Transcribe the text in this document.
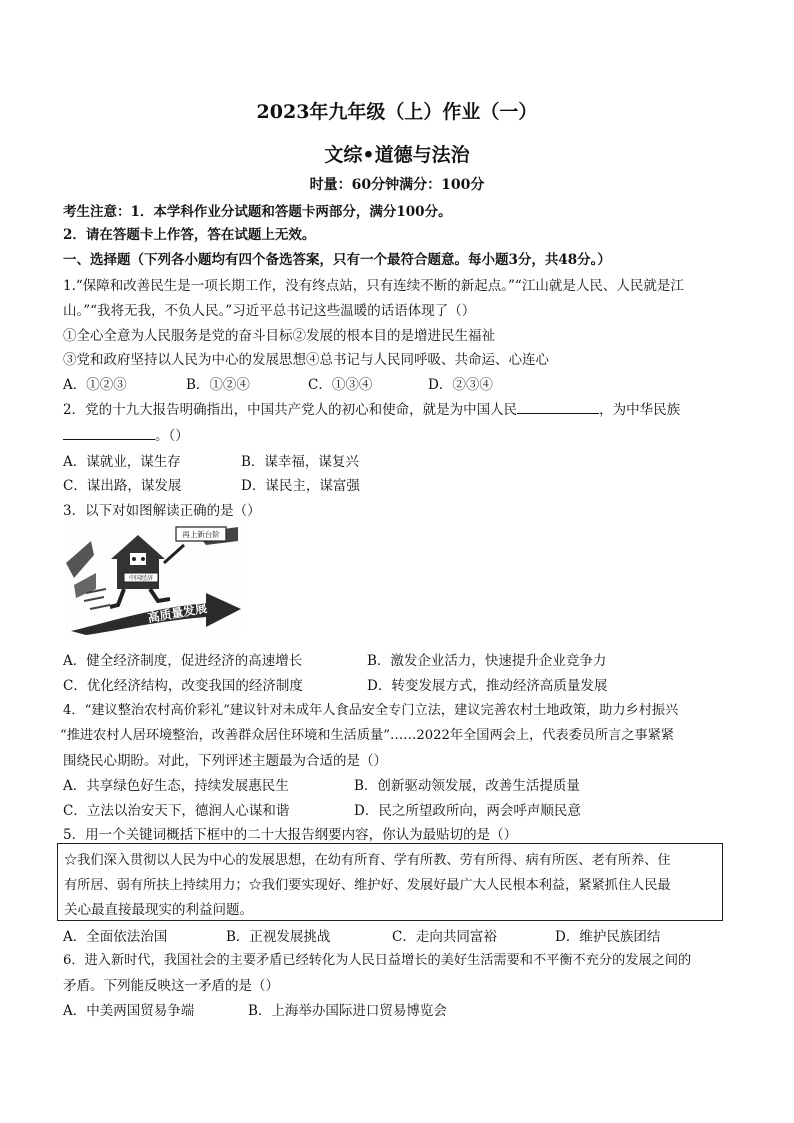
2023年九年级（上）作业（一）
文综•道德与法治
时量：60分钟满分：100分
考生注意：1．本学科作业分试题和答题卡两部分，满分100分。
2．请在答题卡上作答，答在试题上无效。
一、选择题（下列各小题均有四个备选答案，只有一个最符合题意。每小题3分，共48分。）
1.“保障和改善民生是一项长期工作，没有终点站，只有连续不断的新起点。”“江山就是人民、人民就是江
山。”“我将无我，不负人民。”习近平总书记这些温暖的话语体现了（）
①全心全意为人民服务是党的奋斗目标②发展的根本目的是增进民生福祉
③党和政府坚持以人民为中心的发展思想④总书记与人民同呼吸、共命运、心连心
A．①②③	B．①②④	C．①③④	D．②③④
2．党的十九大报告明确指出，中国共产党人的初心和使命，就是为中国人民	，为中华民族
。（）
A．谋就业，谋生存	B．谋幸福，谋复兴
C．谋出路，谋发展	D．谋民主，谋富强
3．以下对如图解读正确的是（）
再上新台阶
中国经济
高质量发展
A．健全经济制度，促进经济的高速增长	B．激发企业活力，快速提升企业竞争力
C．优化经济结构，改变我国的经济制度	D．转变发展方式，推动经济高质量发展
4．“建议整治农村高价彩礼”建议针对未成年人食品安全专门立法，建议完善农村土地政策，助力乡村振兴
“推进农村人居环境整治，改善群众居住环境和生活质量”……2022年全国两会上，代表委员所言之事紧紧
围绕民心期盼。对此，下列评述主题最为合适的是（）
A．共享绿色好生态，持续发展惠民生	B．创新驱动领发展，改善生活提质量
C．立法以治安天下，德润人心谋和谐	D．民之所望政所向，两会呼声顺民意
5．用一个关键词概括下框中的二十大报告纲要内容，你认为最贴切的是（）
☆我们深入贯彻以人民为中心的发展思想，在幼有所育、学有所教、劳有所得、病有所医、老有所养、住
有所居、弱有所扶上持续用力；☆我们要实现好、维护好、发展好最广大人民根本利益，紧紧抓住人民最
关心最直接最现实的利益问题。
A．全面依法治国	B．正视发展挑战	C．走向共同富裕	D．维护民族团结
6．进入新时代，我国社会的主要矛盾已经转化为人民日益增长的美好生活需要和不平衡不充分的发展之间的
矛盾。下列能反映这一矛盾的是（）
A．中美两国贸易争端	B．上海举办国际进口贸易博览会
